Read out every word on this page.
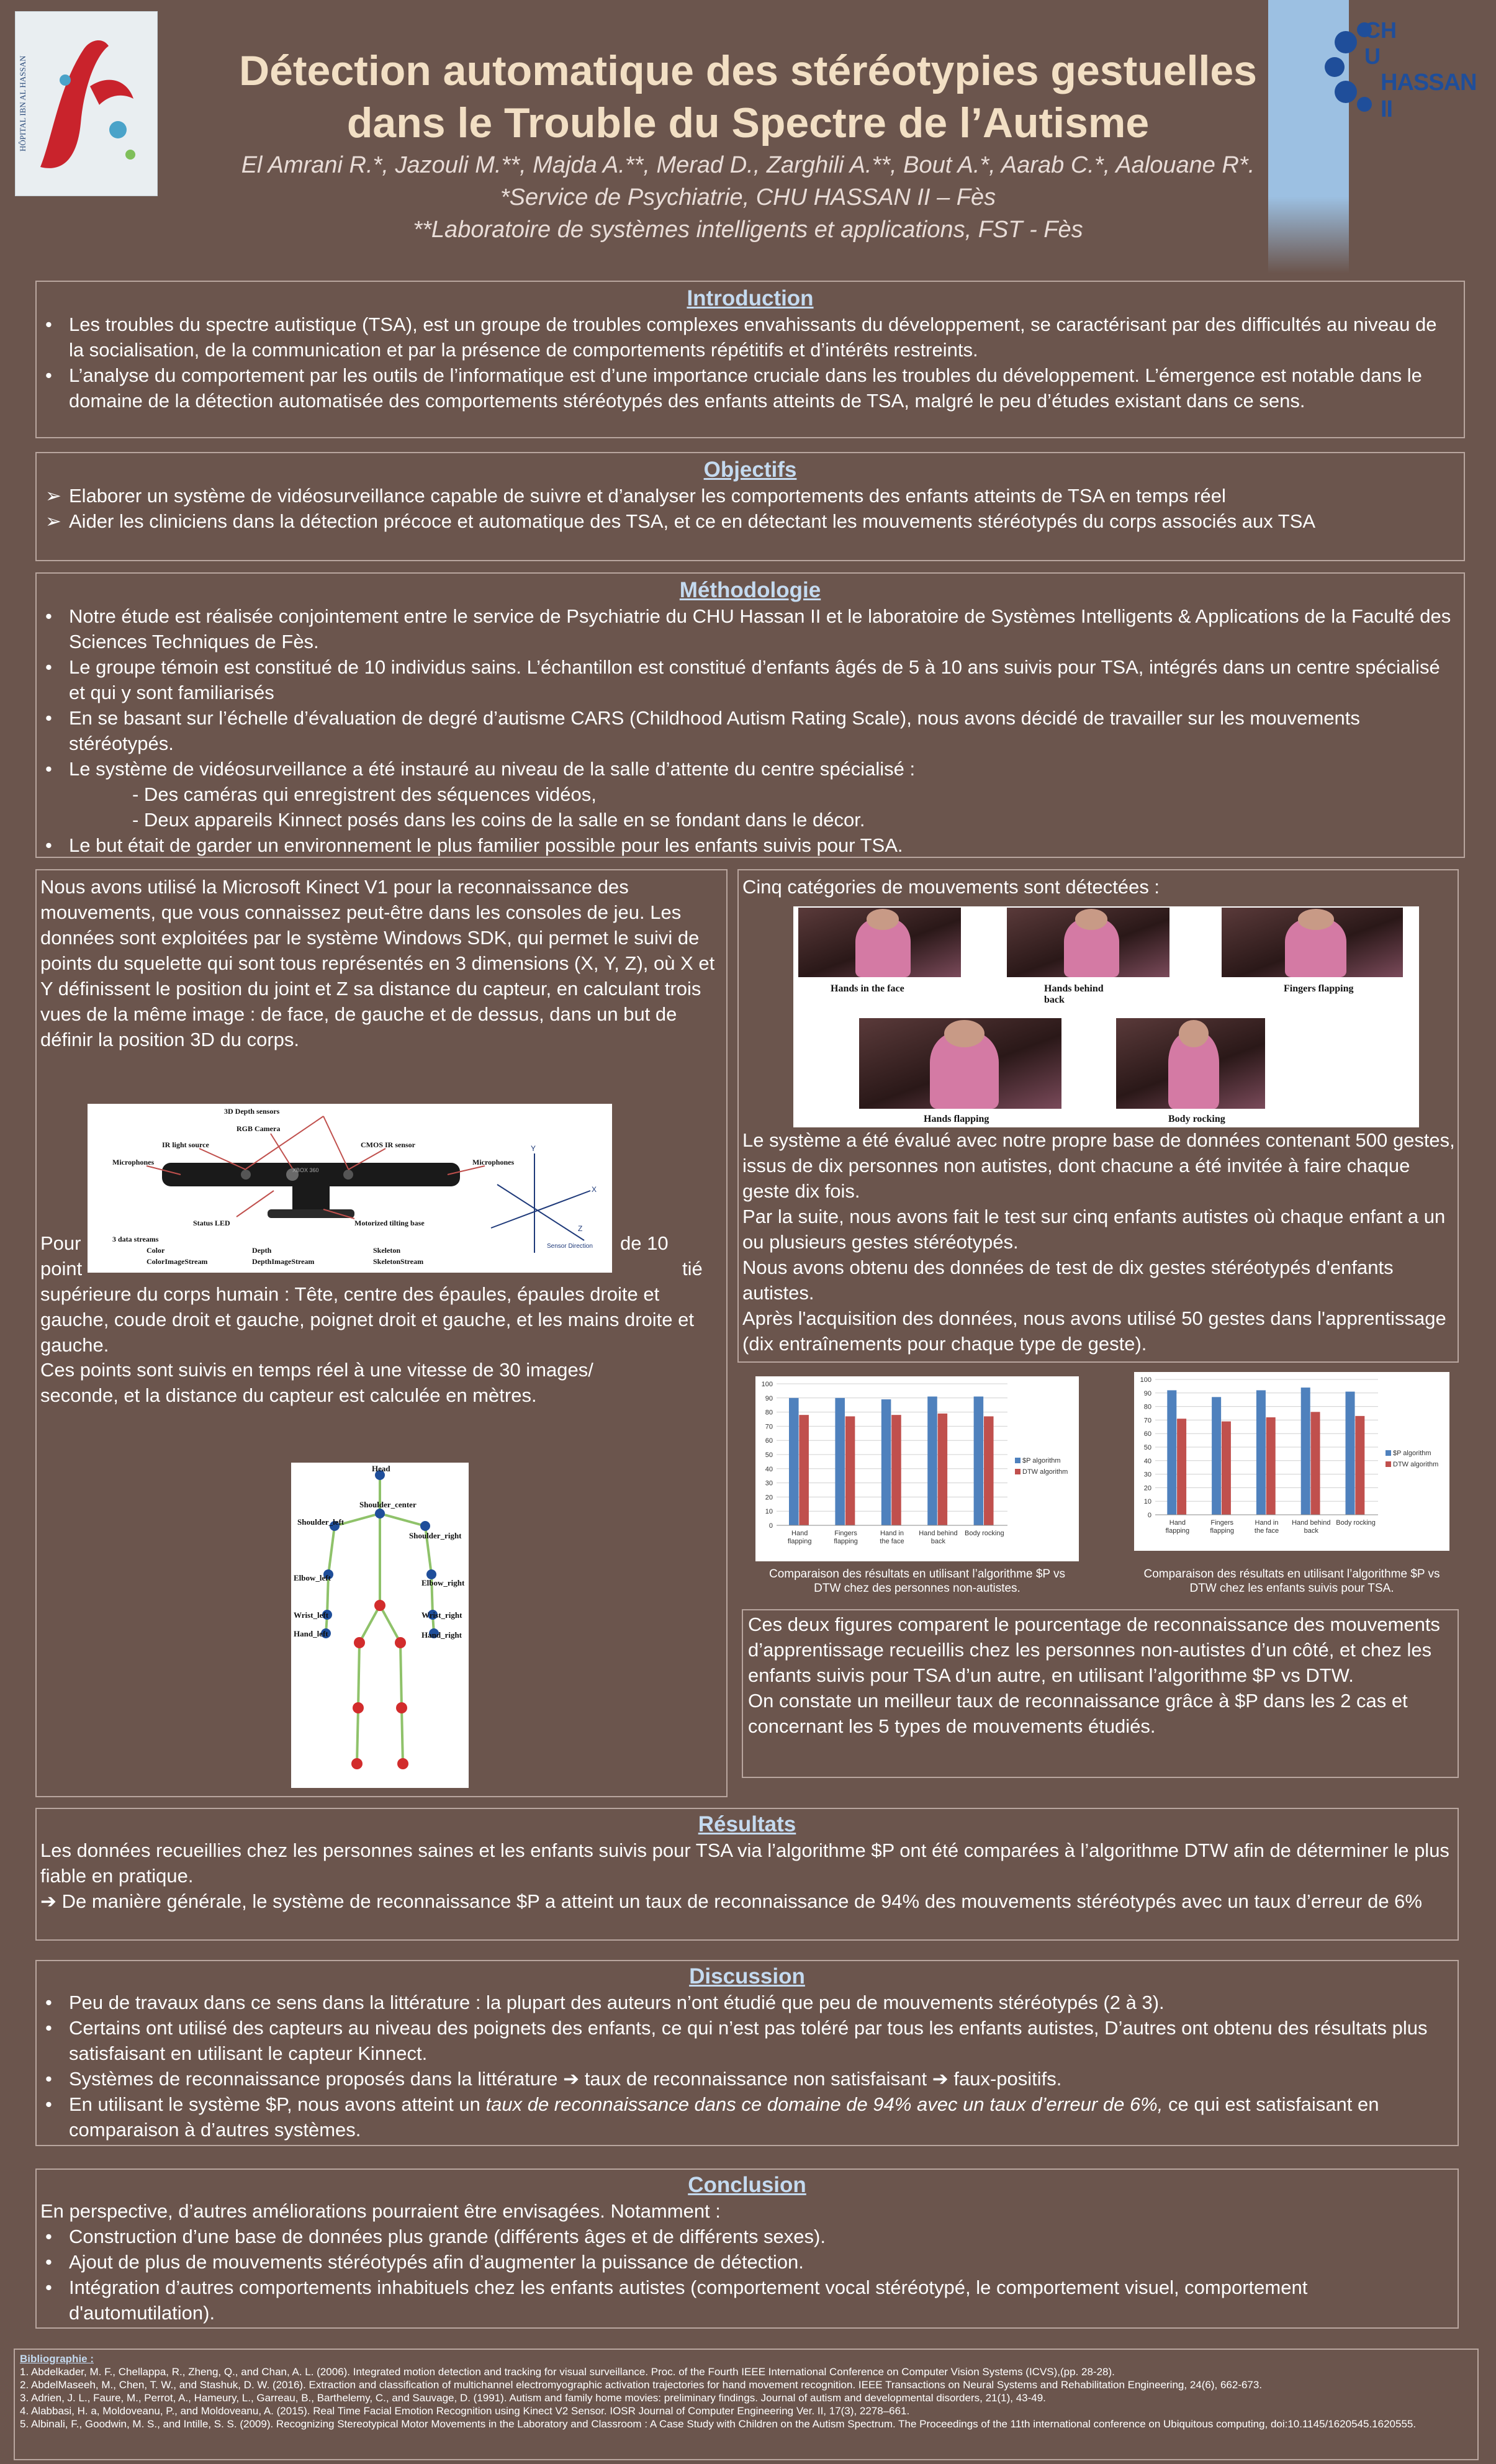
HÔPITAL IBN AL HASSAN
CH U
HASSAN II
Détection automatique des stéréotypies gestuelles
dans le Trouble du Spectre de l’Autisme
El Amrani R.*, Jazouli M.**, Majda A.**, Merad D., Zarghili A.**, Bout A.*, Aarab C.*, Aalouane R*.
*Service de Psychiatrie, CHU HASSAN II – Fès
**Laboratoire de systèmes intelligents et applications, FST - Fès
Introduction
• Les troubles du spectre autistique (TSA), est un groupe de troubles complexes envahissants du développement, se caractérisant par des difficultés au niveau de la socialisation, de la communication et par la présence de comportements répétitifs et d’intérêts restreints.
• L’analyse du comportement par les outils de l’informatique est d’une importance cruciale dans les troubles du développement. L’émergence est notable dans le domaine de la détection automatisée des comportements stéréotypés des enfants atteints de TSA, malgré le peu d’études existant dans ce sens.
Objectifs
➢ Elaborer un système de vidéosurveillance capable de suivre et d’analyser les comportements des enfants atteints de TSA en temps réel
➢ Aider les cliniciens dans la détection précoce et automatique des TSA, et ce en détectant les mouvements stéréotypés du corps associés aux TSA
Méthodologie
• Notre étude est réalisée conjointement entre le service de Psychiatrie du CHU Hassan II et le laboratoire de Systèmes Intelligents & Applications de la Faculté des Sciences Techniques de Fès.
• Le groupe témoin est constitué de 10 individus sains. L’échantillon est constitué d’enfants âgés de 5 à 10 ans suivis pour TSA, intégrés dans un centre spécialisé et qui y sont familiarisés
• En se basant sur l’échelle d’évaluation de degré d’autisme CARS (Childhood Autism Rating Scale), nous avons décidé de travailler sur les mouvements stéréotypés.
• Le système de vidéosurveillance a été instauré au niveau de la salle d’attente du centre spécialisé :
- Des caméras qui enregistrent des séquences vidéos,
- Deux appareils Kinnect posés dans les coins de la salle en se fondant dans le décor.
• Le but était de garder un environnement le plus familier possible pour les enfants suivis pour TSA.
Nous avons utilisé la Microsoft Kinect V1 pour la reconnaissance des mouvements, que vous connaissez peut-être dans les consoles de jeu. Les données sont exploitées par le système Windows SDK, qui permet le suivi de points du squelette qui sont tous représentés en 3 dimensions (X, Y, Z), où X et Y définissent le position du joint et Z sa distance du capteur, en calculant trois vues de la même image : de face, de gauche et de dessus, dans un but de définir la position 3D du corps.
3D Depth sensors
RGB Camera
IR light source	CMOS IR sensor
Microphones	Microphones
Status LED	Motorized tilting base
XBOX 360
3 data streams
Color
ColorImageStream
Depth
DepthImageStream
Skeleton
SkeletonStream
Sensor Direction
Y
X
Z
Pour	de 10
point	tié
supérieure du corps humain : Tête, centre des épaules, épaules droite et gauche, coude droit et gauche, poignet droit et gauche, et les mains droite et gauche.
Ces points sont suivis en temps réel à une vitesse de 30 images/ seconde, et la distance du capteur est calculée en mètres.
Head
Shoulder_center
Shoulder_left
Shoulder_right
Elbow_left
Elbow_right
Wrist_left	Wrist_right
Hand_left	Hand_right
Cinq catégories de mouvements sont détectées :
Hands in the face	Hands behind back
Fingers flapping
Hands flapping	Body rocking
Le système a été évalué avec notre propre base de données contenant 500 gestes, issus de dix personnes non autistes, dont chacune a été invitée à faire chaque geste dix fois.
Par la suite, nous avons fait le test sur cinq enfants autistes où chaque enfant a un ou plusieurs gestes stéréotypés.
Nous avons obtenu des données de test de dix gestes stéréotypés d'enfants autistes.
Après l'acquisition des données, nous avons utilisé 50 gestes dans l'apprentissage (dix entraînements pour chaque type de geste).
0
10
20
30
40
50
60
70
80
90
100
Hand
flapping
Fingers
flapping
Hand in
the face
Hand behind
back
Body rocking
$P algorithm
DTW algorithm
Comparaison des résultats en utilisant l’algorithme $P vs DTW chez des personnes non-autistes.
0
10
20
30
40
50
60
70
80
90
100
Hand
flapping
Fingers
flapping
Hand in
the face
Hand behind
back
Body rocking
$P algorithm
DTW algorithm
Comparaison des résultats en utilisant l’algorithme $P vs DTW chez les enfants suivis pour TSA.
Ces deux figures comparent le pourcentage de reconnaissance des mouvements d’apprentissage recueillis chez les personnes non-autistes d’un côté, et chez les enfants suivis pour TSA d’un autre, en utilisant l’algorithme $P vs DTW.
On constate un meilleur taux de reconnaissance grâce à $P dans les 2 cas et concernant les 5 types de mouvements étudiés.
Résultats
Les données recueillies chez les personnes saines et les enfants suivis pour TSA via l’algorithme $P ont été comparées à l’algorithme DTW afin de déterminer le plus fiable en pratique.
➔ De manière générale, le système de reconnaissance $P a atteint un taux de reconnaissance de 94% des mouvements stéréotypés avec un taux d’erreur de 6%
Discussion
• Peu de travaux dans ce sens dans la littérature : la plupart des auteurs n’ont étudié que peu de mouvements stéréotypés (2 à 3).
• Certains ont utilisé des capteurs au niveau des poignets des enfants, ce qui n’est pas toléré par tous les enfants autistes, D’autres ont obtenu des résultats plus satisfaisant en utilisant le capteur Kinnect.
• Systèmes de reconnaissance proposés dans la littérature ➔ taux de reconnaissance non satisfaisant ➔ faux-positifs.
• En utilisant le système $P, nous avons atteint un taux de reconnaissance dans ce domaine de 94% avec un taux d’erreur de 6%, ce qui est satisfaisant en comparaison à d’autres systèmes.
Conclusion
En perspective, d’autres améliorations pourraient être envisagées. Notamment :
• Construction d’une base de données plus grande (différents âges et de différents sexes).
• Ajout de plus de mouvements stéréotypés afin d’augmenter la puissance de détection.
• Intégration d’autres comportements inhabituels chez les enfants autistes (comportement vocal stéréotypé, le comportement visuel, comportement d'automutilation).
Bibliographie :
1. Abdelkader, M. F., Chellappa, R., Zheng, Q., and Chan, A. L. (2006). Integrated motion detection and tracking for visual surveillance. Proc. of the Fourth IEEE International Conference on Computer Vision Systems (ICVS),(pp. 28-28).
2. AbdelMaseeh, M., Chen, T. W., and Stashuk, D. W. (2016). Extraction and classification of multichannel electromyographic activation trajectories for hand movement recognition. IEEE Transactions on Neural Systems and Rehabilitation Engineering, 24(6), 662-673.
3. Adrien, J. L., Faure, M., Perrot, A., Hameury, L., Garreau, B., Barthelemy, C., and Sauvage, D. (1991). Autism and family home movies: preliminary findings. Journal of autism and developmental disorders, 21(1), 43-49.
4. Alabbasi, H. a, Moldoveanu, P., and Moldoveanu, A. (2015). Real Time Facial Emotion Recognition using Kinect V2 Sensor. IOSR Journal of Computer Engineering Ver. II, 17(3), 2278–661.
5. Albinali, F., Goodwin, M. S., and Intille, S. S. (2009). Recognizing Stereotypical Motor Movements in the Laboratory and Classroom : A Case Study with Children on the Autism Spectrum. The Proceedings of the 11th international conference on Ubiquitous computing, doi:10.1145/1620545.1620555.
